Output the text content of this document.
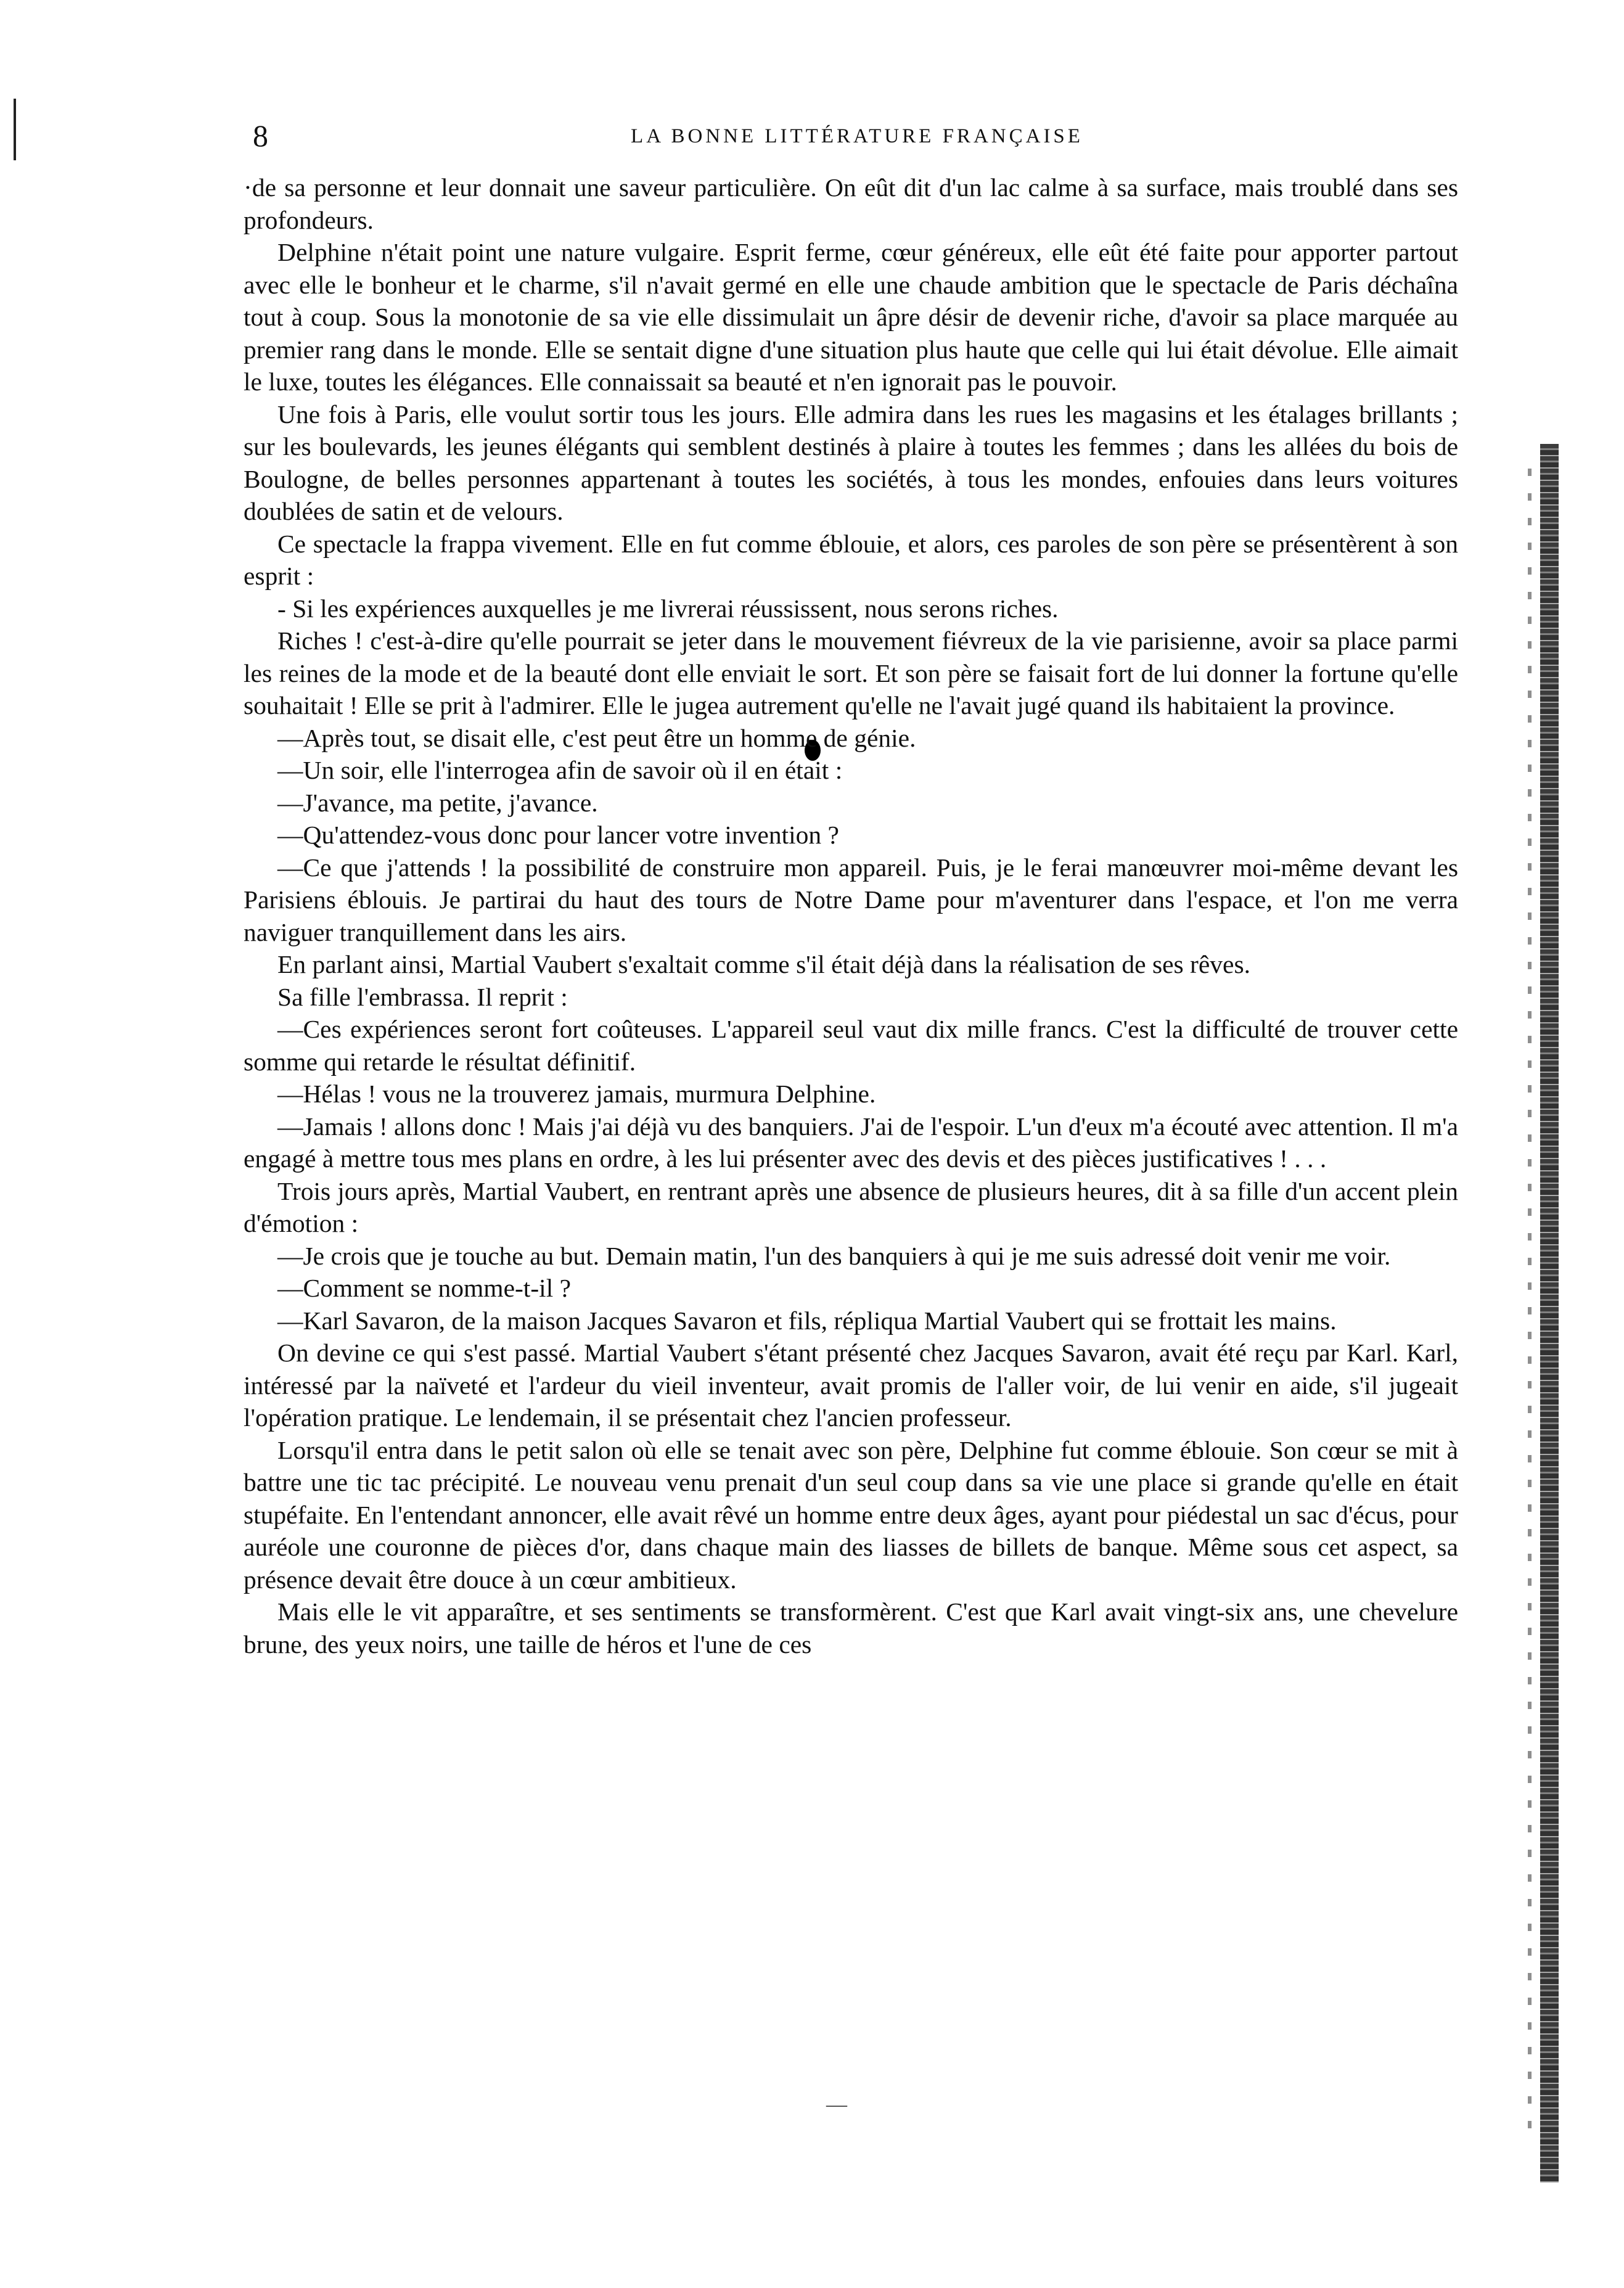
8	LA BONNE LITTÉRATURE FRANÇAISE

·de sa personne et leur donnait une saveur particulière. On eût dit d'un lac calme à sa surface, mais troublé dans ses profondeurs.

Delphine n'était point une nature vulgaire. Esprit ferme, cœur généreux, elle eût été faite pour apporter partout avec elle le bonheur et le charme, s'il n'avait germé en elle une chaude ambition que le spectacle de Paris déchaîna tout à coup. Sous la monotonie de sa vie elle dissimulait un âpre désir de devenir riche, d'avoir sa place marquée au premier rang dans le monde. Elle se sentait digne d'une situation plus haute que celle qui lui était dévolue. Elle aimait le luxe, toutes les élégances. Elle connaissait sa beauté et n'en ignorait pas le pouvoir.

Une fois à Paris, elle voulut sortir tous les jours. Elle admira dans les rues les magasins et les étalages brillants ; sur les boulevards, les jeunes élégants qui semblent destinés à plaire à toutes les femmes ; dans les allées du bois de Boulogne, de belles personnes appartenant à toutes les sociétés, à tous les mondes, enfouies dans leurs voitures doublées de satin et de velours.

Ce spectacle la frappa vivement. Elle en fut comme éblouie, et alors, ces paroles de son père se présentèrent à son esprit :

- Si les expériences auxquelles je me livrerai réussissent, nous serons riches.

Riches ! c'est-à-dire qu'elle pourrait se jeter dans le mouvement fiévreux de la vie parisienne, avoir sa place parmi les reines de la mode et de la beauté dont elle enviait le sort. Et son père se faisait fort de lui donner la fortune qu'elle souhaitait ! Elle se prit à l'admirer. Elle le jugea autrement qu'elle ne l'avait jugé quand ils habitaient la province.

—Après tout, se disait elle, c'est peut être un homme de génie.

—Un soir, elle l'interrogea afin de savoir où il en était :

—J'avance, ma petite, j'avance.

—Qu'attendez-vous donc pour lancer votre invention ?

—Ce que j'attends ! la possibilité de construire mon appareil. Puis, je le ferai manœuvrer moi-même devant les Parisiens éblouis. Je partirai du haut des tours de Notre Dame pour m'aventurer dans l'espace, et l'on me verra naviguer tranquillement dans les airs.

En parlant ainsi, Martial Vaubert s'exaltait comme s'il était déjà dans la réalisation de ses rêves.

Sa fille l'embrassa. Il reprit :

—Ces expériences seront fort coûteuses. L'appareil seul vaut dix mille francs. C'est la difficulté de trouver cette somme qui retarde le résultat définitif.

—Hélas ! vous ne la trouverez jamais, murmura Delphine.

—Jamais ! allons donc ! Mais j'ai déjà vu des banquiers. J'ai de l'espoir. L'un d'eux m'a écouté avec attention. Il m'a engagé à mettre tous mes plans en ordre, à les lui présenter avec des devis et des pièces justificatives ! . . .

Trois jours après, Martial Vaubert, en rentrant après une absence de plusieurs heures, dit à sa fille d'un accent plein d'émotion :

—Je crois que je touche au but. Demain matin, l'un des banquiers à qui je me suis adressé doit venir me voir.

—Comment se nomme-t-il ?

—Karl Savaron, de la maison Jacques Savaron et fils, répliqua Martial Vaubert qui se frottait les mains.

On devine ce qui s'est passé. Martial Vaubert s'étant présenté chez Jacques Savaron, avait été reçu par Karl. Karl, intéressé par la naïveté et l'ardeur du vieil inventeur, avait promis de l'aller voir, de lui venir en aide, s'il jugeait l'opération pratique. Le lendemain, il se présentait chez l'ancien professeur.

Lorsqu'il entra dans le petit salon où elle se tenait avec son père, Delphine fut comme éblouie. Son cœur se mit à battre une tic tac précipité. Le nouveau venu prenait d'un seul coup dans sa vie une place si grande qu'elle en était stupéfaite. En l'entendant annoncer, elle avait rêvé un homme entre deux âges, ayant pour piédestal un sac d'écus, pour auréole une couronne de pièces d'or, dans chaque main des liasses de billets de banque. Même sous cet aspect, sa présence devait être douce à un cœur ambitieux.

Mais elle le vit apparaître, et ses sentiments se transformèrent. C'est que Karl avait vingt-six ans, une chevelure brune, des yeux noirs, une taille de héros et l'une de ces

—
